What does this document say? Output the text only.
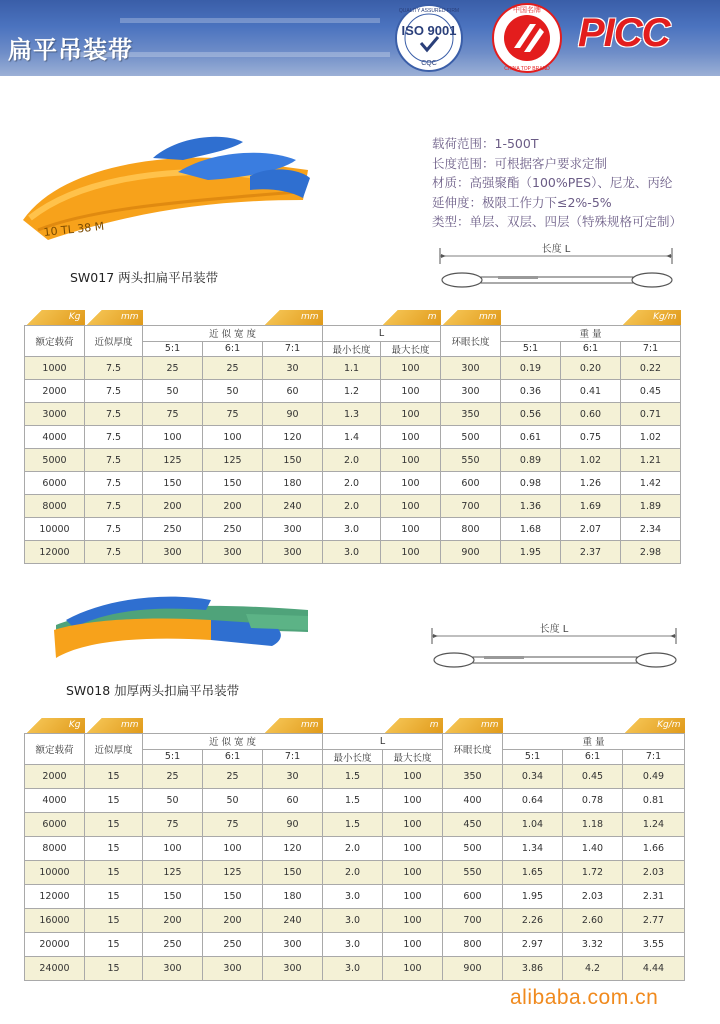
扁平吊装带
ISO 9001
CQC
QUALITY ASSURED FIRM	中国名牌
CHINA TOP BRAND
PICC
载荷范围：1-500T
长度范围：可根据客户要求定制
材质：高强聚酯（100%PES）、尼龙、丙纶
延伸度：极限工作力下≤2%-5%
类型：单层、双层、四层（特殊规格可定制）
10 TL 38 M
SW017 两头扣扁平吊装带
长度 L
Kg	mm			mm		m	mm			Kg/m

额定载荷	近似厚度	近 似 宽 度			L		环眼长度	重 量		
		5:1	6:1	7:1	最小长度	最大长度		5:1	6:1	7:1
1000	7.5	25	25	30	1.1	100	300	0.19	0.20	0.22
2000	7.5	50	50	60	1.2	100	300	0.36	0.41	0.45
3000	7.5	75	75	90	1.3	100	350	0.56	0.60	0.71
4000	7.5	100	100	120	1.4	100	500	0.61	0.75	1.02
5000	7.5	125	125	150	2.0	100	550	0.89	1.02	1.21
6000	7.5	150	150	180	2.0	100	600	0.98	1.26	1.42
8000	7.5	200	200	240	2.0	100	700	1.36	1.69	1.89
10000	7.5	250	250	300	3.0	100	800	1.68	2.07	2.34
12000	7.5	300	300	300	3.0	100	900	1.95	2.37	2.98
SW018 加厚两头扣扁平吊装带
长度 L
Kg	mm			mm		m	mm			Kg/m

额定载荷	近似厚度	近 似 宽 度			L		环眼长度	重 量		
		5:1	6:1	7:1	最小长度	最大长度		5:1	6:1	7:1
2000	15	25	25	30	1.5	100	350	0.34	0.45	0.49
4000	15	50	50	60	1.5	100	400	0.64	0.78	0.81
6000	15	75	75	90	1.5	100	450	1.04	1.18	1.24
8000	15	100	100	120	2.0	100	500	1.34	1.40	1.66
10000	15	125	125	150	2.0	100	550	1.65	1.72	2.03
12000	15	150	150	180	3.0	100	600	1.95	2.03	2.31
16000	15	200	200	240	3.0	100	700	2.26	2.60	2.77
20000	15	250	250	300	3.0	100	800	2.97	3.32	3.55
24000	15	300	300	300	3.0	100	900	3.86	4.2	4.44
alibaba.com.cn
